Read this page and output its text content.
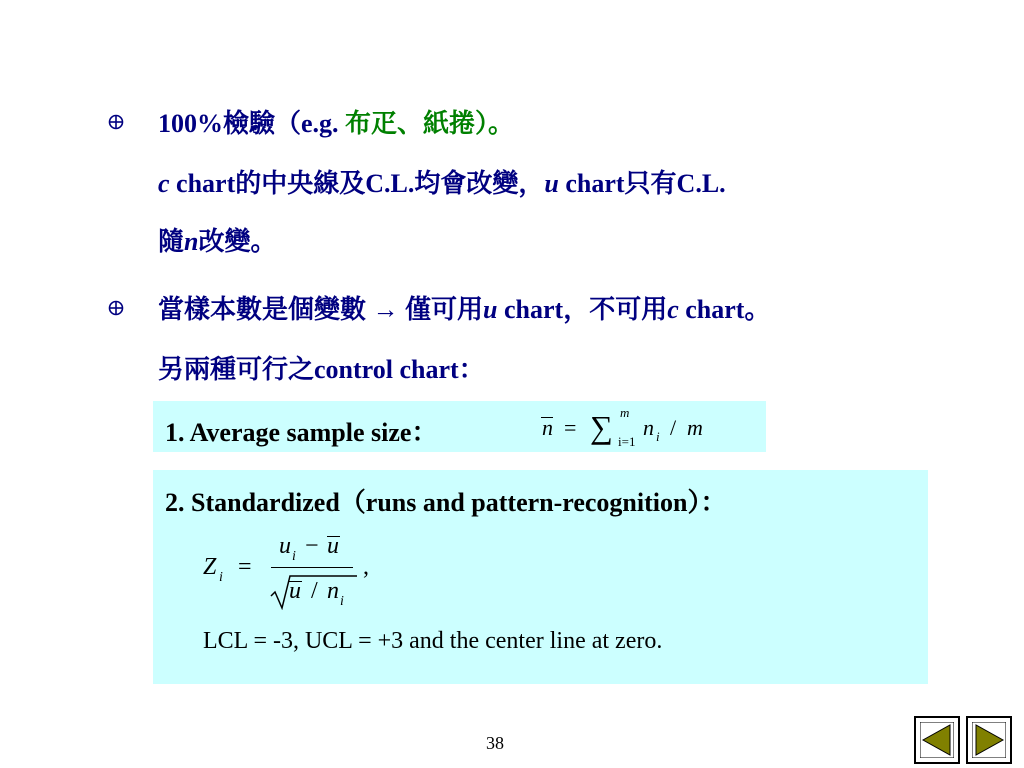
100%檢驗（e.g. 布疋、紙捲）。
c chart的中央線及C.L.均會改變，u chart只有C.L.
隨n改變。
當樣本數是個變數 → 僅可用u chart，不可用c chart。
另兩種可行之control chart：
1. Average sample size：	n = ∑ m
i=1
n i / m
2. Standardized（runs and pattern-recognition）：
Z i =
u i − u
u / n i
,
LCL = -3, UCL = +3 and the center line at zero.
38
